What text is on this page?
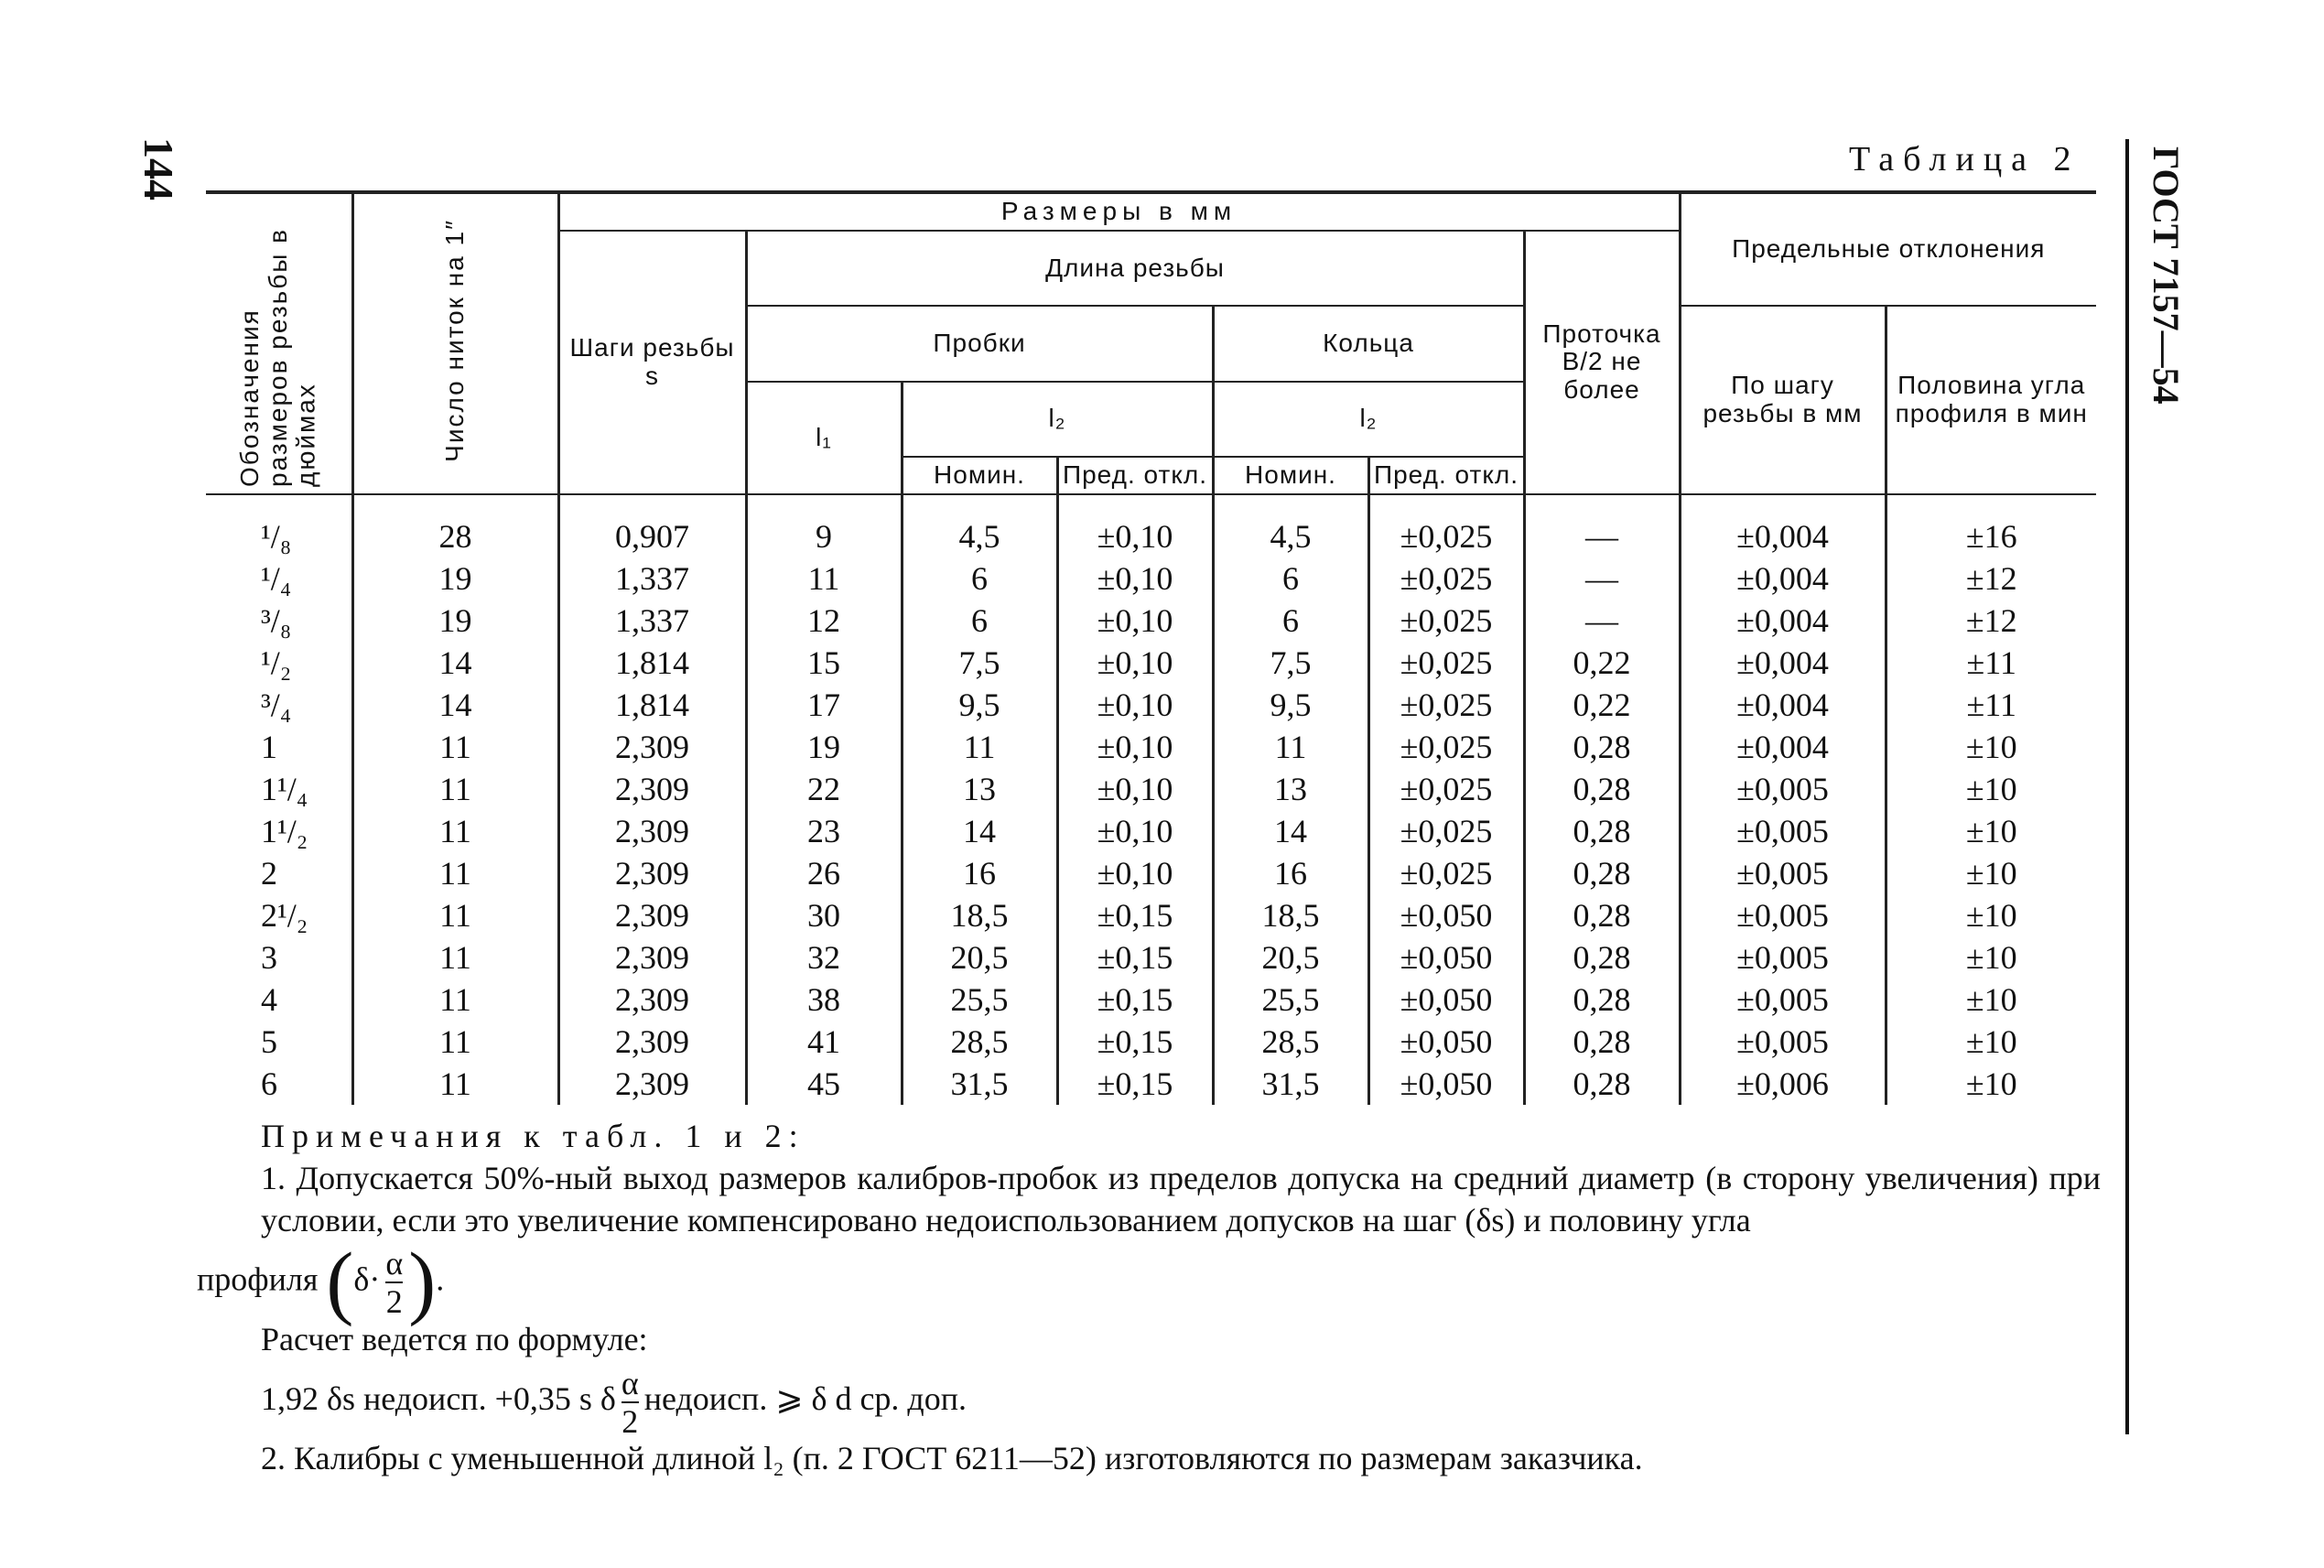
144	ГОСТ 7157—54
Таблица 2
Обозначения размеров резьбы в дюймах	Число ниток на 1″	Размеры в мм							Предельные отклонения	
		Шаги резьбы s	Длина резьбы					Проточка В/2 не более		
			Пробки			Кольца			По шагу резьбы в мм	Половина угла профиля в мин
			l₁	l₂		l₂				
				Номин.	Пред. откл.	Номин.	Пред. откл.			
¹/₈	28	0,907	9	4,5	±0,10	4,5	±0,025	—	±0,004	±16
¹/₄	19	1,337	11	6	±0,10	6	±0,025	—	±0,004	±12
³/₈	19	1,337	12	6	±0,10	6	±0,025	—	±0,004	±12
¹/₂	14	1,814	15	7,5	±0,10	7,5	±0,025	0,22	±0,004	±11
³/₄	14	1,814	17	9,5	±0,10	9,5	±0,025	0,22	±0,004	±11
1	11	2,309	19	11	±0,10	11	±0,025	0,28	±0,004	±10
1¹/₄	11	2,309	22	13	±0,10	13	±0,025	0,28	±0,005	±10
1¹/₂	11	2,309	23	14	±0,10	14	±0,025	0,28	±0,005	±10
2	11	2,309	26	16	±0,10	16	±0,025	0,28	±0,005	±10
2¹/₂	11	2,309	30	18,5	±0,15	18,5	±0,050	0,28	±0,005	±10
3	11	2,309	32	20,5	±0,15	20,5	±0,050	0,28	±0,005	±10
4	11	2,309	38	25,5	±0,15	25,5	±0,050	0,28	±0,005	±10
5	11	2,309	41	28,5	±0,15	28,5	±0,050	0,28	±0,005	±10
6	11	2,309	45	31,5	±0,15	31,5	±0,050	0,28	±0,006	±10

Примечания к табл. 1 и 2:

1. Допускается 50%-ный выход размеров калибров-пробок из пределов допуска на средний диаметр (в сторону увеличения) при условии, если это увеличение компенсировано недоиспользованием допусков на шаг (δs) и половину угла

профиля ($\delta\cdot \frac{\alpha}{2}$ ).

Расчет ведется по формуле:

1,92 δs недоисп. +0,35 s δ $\frac{\alpha}{2}$ недоисп. ⩾ δ d ср. доп.

2. Калибры с уменьшенной длиной l₂ (п. 2 ГОСТ 6211—52) изготовляются по размерам заказчика.
